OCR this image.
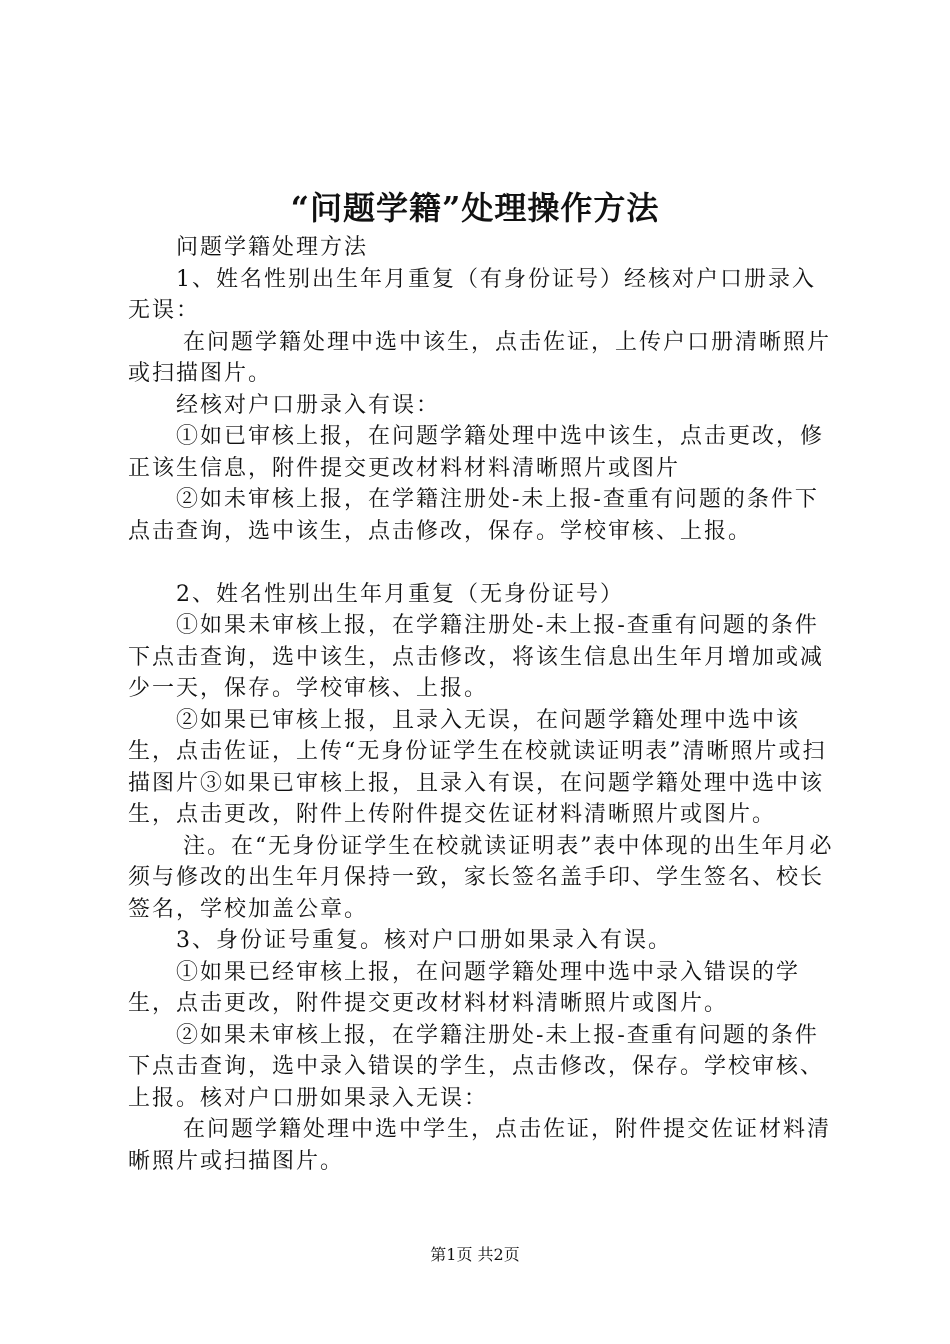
“问题学籍”处理操作方法

问题学籍处理方法

1、姓名性别出生年月重复（有身份证号）经核对户口册录入无误：

在问题学籍处理中选中该生，点击佐证，上传户口册清晰照片或扫描图片。

经核对户口册录入有误：

①如已审核上报，在问题学籍处理中选中该生，点击更改，修正该生信息，附件提交更改材料材料清晰照片或图片

②如未审核上报，在学籍注册处-未上报-查重有问题的条件下点击查询，选中该生，点击修改，保存。学校审核、上报。

2、姓名性别出生年月重复（无身份证号）

①如果未审核上报，在学籍注册处-未上报-查重有问题的条件下点击查询，选中该生，点击修改，将该生信息出生年月增加或减少一天，保存。学校审核、上报。

②如果已审核上报，且录入无误，在问题学籍处理中选中该生，点击佐证，上传“无身份证学生在校就读证明表”清晰照片或扫描图片③如果已审核上报，且录入有误，在问题学籍处理中选中该生，点击更改，附件上传附件提交佐证材料清晰照片或图片。

注。在“无身份证学生在校就读证明表”表中体现的出生年月必须与修改的出生年月保持一致，家长签名盖手印、学生签名、校长签名，学校加盖公章。

3、身份证号重复。核对户口册如果录入有误。

①如果已经审核上报，在问题学籍处理中选中录入错误的学生，点击更改，附件提交更改材料材料清晰照片或图片。

②如果未审核上报，在学籍注册处-未上报-查重有问题的条件下点击查询，选中录入错误的学生，点击修改，保存。学校审核、上报。核对户口册如果录入无误：

在问题学籍处理中选中学生，点击佐证，附件提交佐证材料清晰照片或扫描图片。

第1页 共2页
